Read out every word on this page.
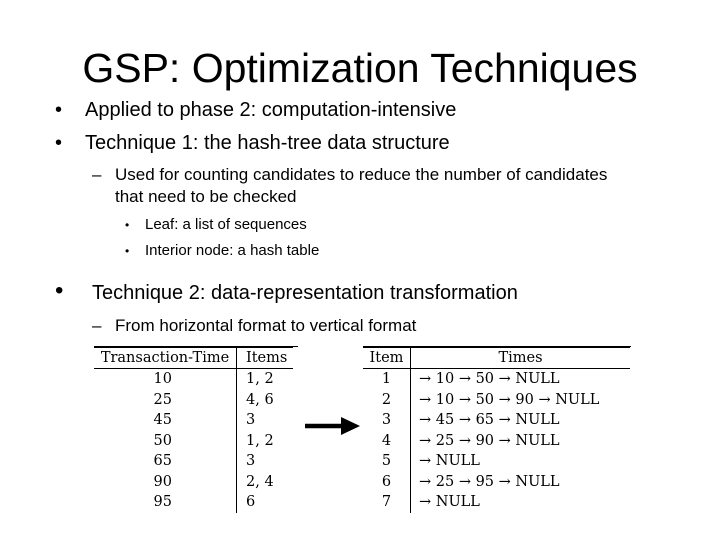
GSP: Optimization Techniques
• Applied to phase 2: computation-intensive
• Technique 1: the hash-tree data structure
– Used for counting candidates to reduce the number of candidates that need to be checked
• Leaf: a list of sequences
• Interior node: a hash table
• Technique 2: data-representation transformation
– From horizontal format to vertical format
Transaction-Time	Items
10	1, 2
25	4, 6
45	3
50	1, 2
65	3
90	2, 4
95	6
Item	Times
1	→ 10 → 50 → NULL
2	→ 10 → 50 → 90 → NULL
3	→ 45 → 65 → NULL
4	→ 25 → 90 → NULL
5	→ NULL
6	→ 25 → 95 → NULL
7	→ NULL
